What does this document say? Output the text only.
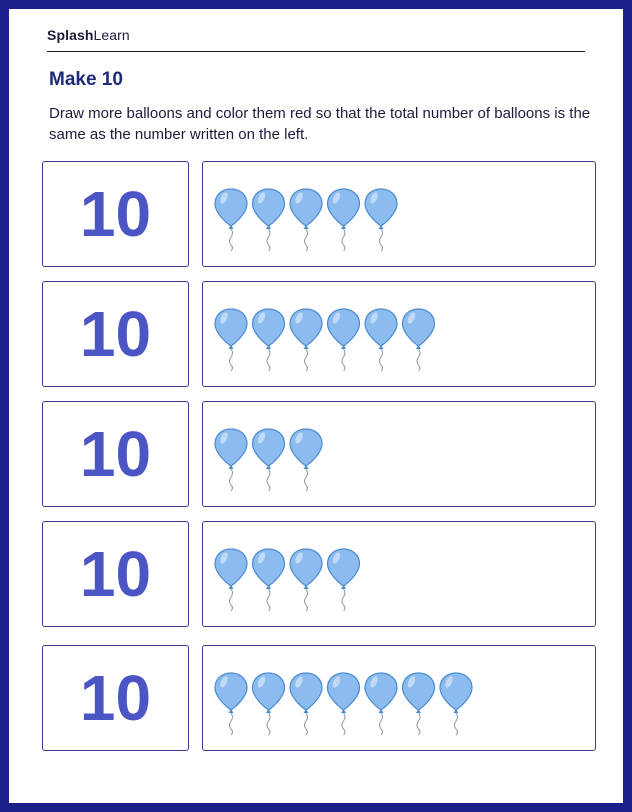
SplashLearn
Make 10
Draw more balloons and color them red so that the total number of balloons is the same as the number written on the left.
10
10
10
10
10
